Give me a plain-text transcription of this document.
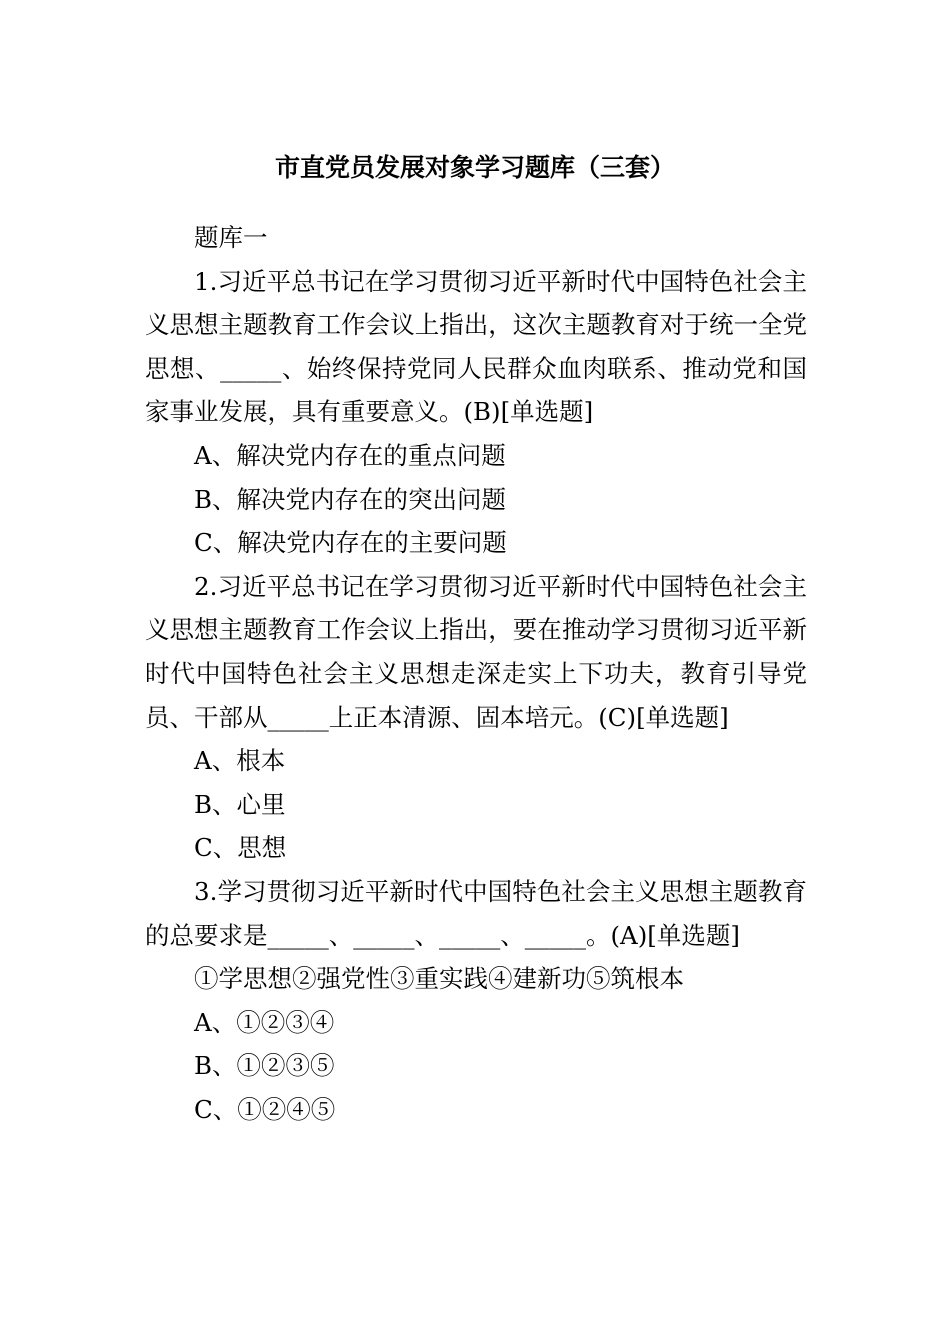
市直党员发展对象学习题库（三套）

题库一

1.习近平总书记在学习贯彻习近平新时代中国特色社会主义思想主题教育工作会议上指出，这次主题教育对于统一全党思想、_____、始终保持党同人民群众血肉联系、推动党和国家事业发展，具有重要意义。(B)[单选题]

A、解决党内存在的重点问题

B、解决党内存在的突出问题

C、解决党内存在的主要问题

2.习近平总书记在学习贯彻习近平新时代中国特色社会主义思想主题教育工作会议上指出，要在推动学习贯彻习近平新时代中国特色社会主义思想走深走实上下功夫，教育引导党员、干部从_____上正本清源、固本培元。(C)[单选题]

A、根本

B、心里

C、思想

3.学习贯彻习近平新时代中国特色社会主义思想主题教育的总要求是_____、_____、_____、_____。(A)[单选题]

①学思想②强党性③重实践④建新功⑤筑根本

A、①②③④

B、①②③⑤

C、①②④⑤
